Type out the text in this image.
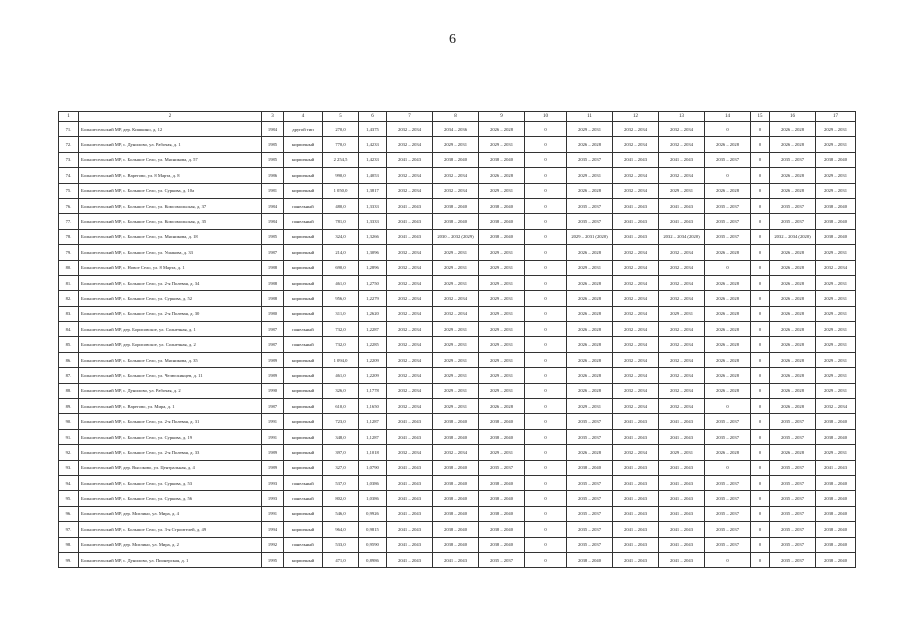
6
1	2	3	4	5	6	7	8	9	10	11	12	13	14	15	16	17
71.	Большесельский МР, дер. Кишкино, д. 12	1984	другой тип	270,0	1,4375	2032 – 2034	2034 – 2036	2026 – 2028	0	2029 – 2031	2032 – 2034	2032 – 2034	0	0	2026 – 2028	2029 – 2031
72.	Большесельский МР, с. Дунилово, ул. Рабочая, д. 1	1985	кирпичный	770,0	1,4233	2032 – 2034	2029 – 2031	2029 – 2031	0	2026 – 2028	2032 – 2034	2032 – 2034	2026 – 2028	0	2026 – 2028	2029 – 2031
73.	Большесельский МР, с. Большое Село, ул. Мясникова, д. 57	1985	кирпичный	2 254,5	1,4233	2041 – 2043	2038 – 2040	2038 – 2040	0	2035 – 2037	2041 – 2043	2041 – 2043	2035 – 2037	0	2035 – 2037	2038 – 2040
74.	Большесельский МР, с. Варегово, ул. 8 Марта, д. 8	1986	кирпичный	990,0	1,4053	2032 – 2034	2032 – 2034	2026 – 2028	0	2029 – 2031	2032 – 2034	2032 – 2034	0	0	2026 – 2028	2029 – 2031
75.	Большесельский МР, с. Большое Село, ул. Суркова, д. 10а	1981	кирпичный	1 050,0	1,3817	2032 – 2034	2032 – 2034	2029 – 2031	0	2026 – 2028	2032 – 2034	2029 – 2031	2026 – 2028	0	2026 – 2028	2029 – 2031
76.	Большесельский МР, с. Большое Село, ул. Комсомольская, д. 37	1984	панельный	480,0	1,3333	2041 – 2043	2038 – 2040	2038 – 2040	0	2035 – 2037	2041 – 2043	2041 – 2043	2035 – 2037	0	2035 – 2037	2038 – 2040
77.	Большесельский МР, с. Большое Село, ул. Комсомольская, д. 35	1984	панельный	781,0	1,3333	2041 – 2043	2038 – 2040	2038 – 2040	0	2035 – 2037	2041 – 2043	2041 – 2043	2035 – 2037	0	2035 – 2037	2038 – 2040
78.	Большесельский МР, с. Большое Село, ул. Мясникова, д. 18	1985	кирпичный	324,0	1,3266	2041 – 2043	2030 – 2032 (2029)	2038 – 2040	0	2029 – 2031 (2020)	2041 – 2043	2032 – 2034 (2020)	2035 – 2037	0	2032 – 2034 (2020)	2038 – 2040
79.	Большесельский МР, с. Большое Село, ул. Ушакова, д. 33	1987	кирпичный	214,0	1,3096	2032 – 2034	2029 – 2031	2029 – 2031	0	2026 – 2028	2032 – 2034	2032 – 2034	2026 – 2028	0	2026 – 2028	2029 – 2031
80.	Большесельский МР, с. Новое Село, ул. 8 Марта, д. 1	1988	кирпичный	690,0	1,2896	2032 – 2034	2029 – 2031	2029 – 2031	0	2029 – 2031	2032 – 2034	2032 – 2034	0	0	2026 – 2028	2032 – 2034
81.	Большесельский МР, с. Большое Село, ул. 2-я Полевая, д. 34	1988	кирпичный	461,0	1,2750	2032 – 2034	2029 – 2031	2029 – 2031	0	2026 – 2028	2032 – 2034	2032 – 2034	2026 – 2028	0	2026 – 2028	2029 – 2031
82.	Большесельский МР, с. Большое Село, ул. Суркова, д. 52	1988	кирпичный	956,0	1,2279	2032 – 2034	2032 – 2034	2029 – 2031	0	2026 – 2028	2032 – 2034	2032 – 2034	2026 – 2028	0	2026 – 2028	2029 – 2031
83.	Большесельский МР, с. Большое Село, ул. 2-я Полевая, д. 30	1980	кирпичный	311,0	1,2620	2032 – 2034	2032 – 2034	2029 – 2031	0	2026 – 2028	2032 – 2034	2029 – 2031	2026 – 2028	0	2026 – 2028	2029 – 2031
84.	Большесельский МР, дер. Борисовское, ул. Солнечная, д. 1	1987	панельный	732,0	1,2287	2032 – 2034	2029 – 2031	2029 – 2031	0	2026 – 2028	2032 – 2034	2032 – 2034	2026 – 2028	0	2026 – 2028	2029 – 2031
85.	Большесельский МР, дер. Борисовское, ул. Солнечная, д. 2	1987	панельный	732,0	1,2285	2032 – 2034	2029 – 2031	2029 – 2031	0	2026 – 2028	2032 – 2034	2032 – 2034	2026 – 2028	0	2026 – 2028	2029 – 2031
86.	Большесельский МР, с. Большое Село, ул. Мясникова, д. 35	1989	кирпичный	1 094,0	1,2209	2032 – 2034	2029 – 2031	2029 – 2031	0	2026 – 2028	2032 – 2034	2032 – 2034	2026 – 2028	0	2026 – 2028	2029 – 2031
87.	Большесельский МР, с. Большое Село, ул. Челюскинцев, д. 11	1989	кирпичный	461,0	1,2209	2032 – 2034	2029 – 2031	2029 – 2031	0	2026 – 2028	2032 – 2034	2032 – 2034	2026 – 2028	0	2026 – 2028	2029 – 2031
88.	Большесельский МР, с. Дунилово, ул. Рабочая, д. 2	1990	кирпичный	326,0	1,1778	2032 – 2034	2029 – 2031	2029 – 2031	0	2026 – 2028	2032 – 2034	2032 – 2034	2026 – 2028	0	2026 – 2028	2029 – 2031
89.	Большесельский МР, с. Варегово, ул. Мира, д. 1	1987	кирпичный	610,0	1,1650	2032 – 2034	2029 – 2031	2026 – 2028	0	2029 – 2031	2032 – 2034	2032 – 2034	0	0	2026 – 2028	2032 – 2034
90.	Большесельский МР, с. Большое Село, ул. 2-я Полевая, д. 31	1991	кирпичный	723,0	1,1287	2041 – 2043	2038 – 2040	2038 – 2040	0	2035 – 2037	2041 – 2043	2041 – 2043	2035 – 2037	0	2035 – 2037	2038 – 2040
91.	Большесельский МР, с. Большое Село, ул. Суркова, д. 19	1991	кирпичный	348,0	1,1287	2041 – 2043	2038 – 2040	2038 – 2040	0	2035 – 2037	2041 – 2043	2041 – 2043	2035 – 2037	0	2035 – 2037	2038 – 2040
92.	Большесельский МР, с. Большое Село, ул. 2-я Полевая, д. 33	1989	кирпичный	397,0	1,1018	2032 – 2034	2032 – 2034	2029 – 2031	0	2026 – 2028	2032 – 2034	2029 – 2031	2026 – 2028	0	2026 – 2028	2029 – 2031
93.	Большесельский МР, дер. Высоково, ул. Центральная, д. 4	1989	кирпичный	327,0	1,0790	2041 – 2043	2038 – 2040	2035 – 2037	0	2038 – 2040	2041 – 2043	2041 – 2043	0	0	2035 – 2037	2041 – 2043
94.	Большесельский МР, с. Большое Село, ул. Суркова, д. 53	1993	панельный	537,0	1,0386	2041 – 2043	2038 – 2040	2038 – 2040	0	2035 – 2037	2041 – 2043	2041 – 2043	2035 – 2037	0	2035 – 2037	2038 – 2040
95.	Большесельский МР, с. Большое Село, ул. Суркова, д. 56	1993	панельный	802,0	1,0386	2041 – 2043	2038 – 2040	2038 – 2040	0	2035 – 2037	2041 – 2043	2041 – 2043	2035 – 2037	0	2035 – 2037	2038 – 2040
96.	Большесельский МР, дер. Миглино, ул. Мира, д. 4	1991	кирпичный	546,0	0,9926	2041 – 2043	2038 – 2040	2038 – 2040	0	2035 – 2037	2041 – 2043	2041 – 2043	2035 – 2037	0	2035 – 2037	2038 – 2040
97.	Большесельский МР, с. Большое Село, ул. 3-я Строителей, д. 49	1994	кирпичный	964,0	0,9815	2041 – 2043	2038 – 2040	2038 – 2040	0	2035 – 2037	2041 – 2043	2041 – 2043	2035 – 2037	0	2035 – 2037	2038 – 2040
98.	Большесельский МР, дер. Миглино, ул. Мира, д. 2	1992	панельный	533,0	0,9590	2041 – 2043	2038 – 2040	2038 – 2040	0	2035 – 2037	2041 – 2043	2041 – 2043	2035 – 2037	0	2035 – 2037	2038 – 2040
99.	Большесельский МР, с. Дунилово, ул. Пионерская, д. 1	1995	кирпичный	471,0	0,8986	2041 – 2043	2041 – 2043	2035 – 2037	0	2038 – 2040	2041 – 2043	2041 – 2043	0	0	2035 – 2037	2038 – 2040
